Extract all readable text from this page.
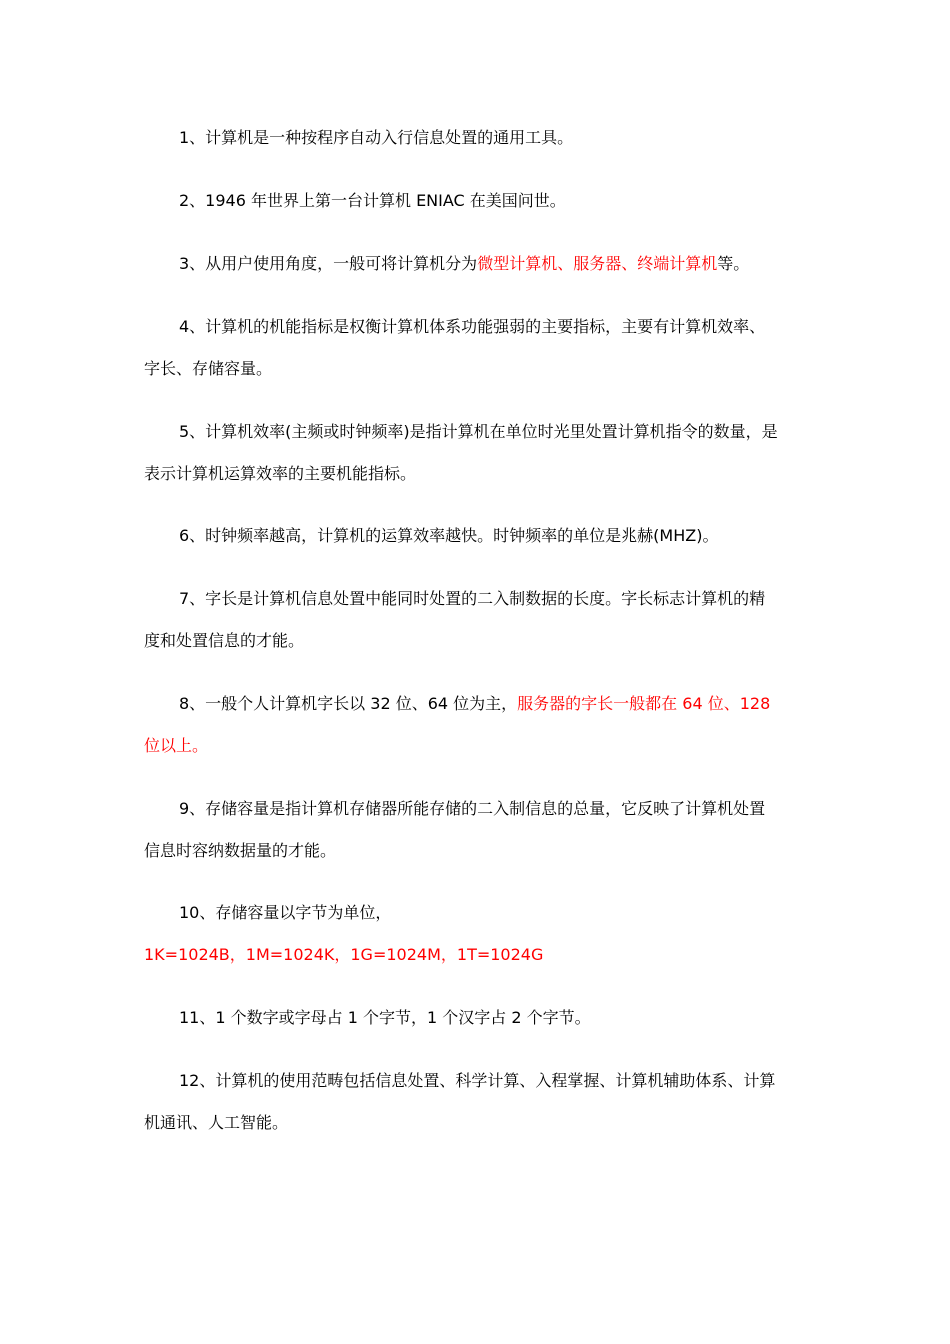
1、计算机是一种按程序自动入行信息处置的通用工具。
2、1946 年世界上第一台计算机 ENIAC 在美国问世。
3、从用户使用角度，一般可将计算机分为微型计算机、服务器、终端计算机等。
4、计算机的机能指标是权衡计算机体系功能强弱的主要指标，主要有计算机效率、
字长、存储容量。
5、计算机效率(主频或时钟频率)是指计算机在单位时光里处置计算机指令的数量，是
表示计算机运算效率的主要机能指标。
6、时钟频率越高，计算机的运算效率越快。时钟频率的单位是兆赫(MHZ)。
7、字长是计算机信息处置中能同时处置的二入制数据的长度。字长标志计算机的精
度和处置信息的才能。
8、一般个人计算机字长以 32 位、64 位为主，服务器的字长一般都在 64 位、128
位以上。
9、存储容量是指计算机存储器所能存储的二入制信息的总量，它反映了计算机处置
信息时容纳数据量的才能。
10、存储容量以字节为单位，
1K=1024B，1M=1024K，1G=1024M，1T=1024G
11、1 个数字或字母占 1 个字节，1 个汉字占 2 个字节。
12、计算机的使用范畴包括信息处置、科学计算、入程掌握、计算机辅助体系、计算
机通讯、人工智能。
